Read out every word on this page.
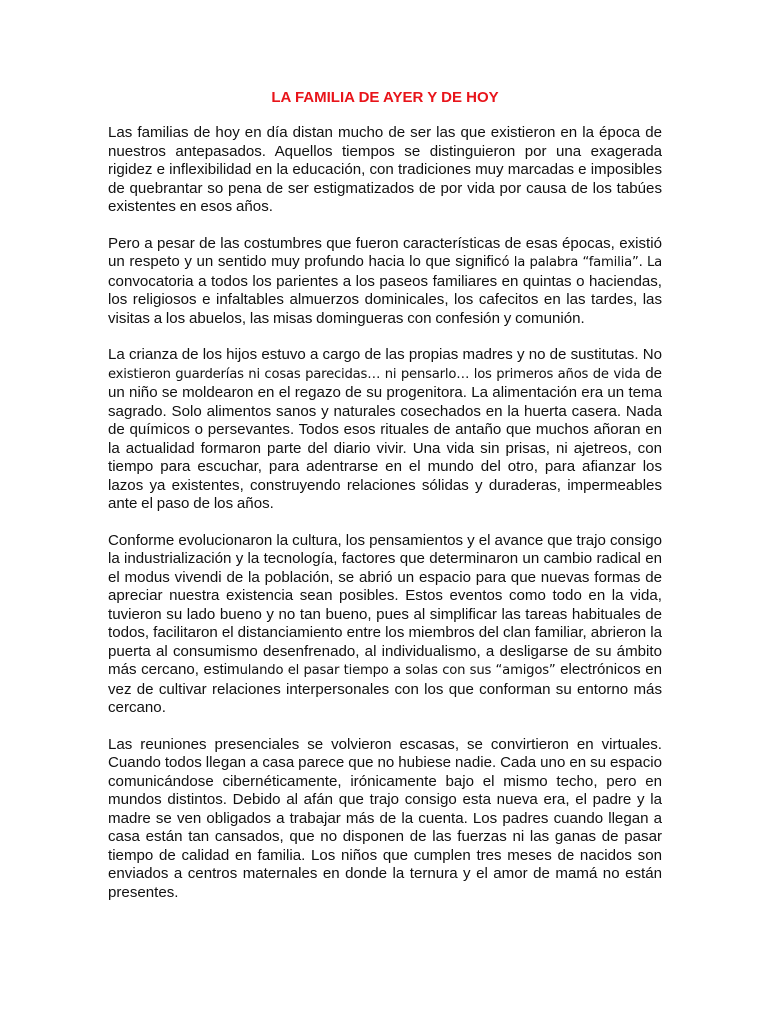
LA FAMILIA DE AYER Y DE HOY

Las familias de hoy en día distan mucho de ser las que existieron en la época de nuestros antepasados. Aquellos tiempos se distinguieron por una exagerada rigidez e inflexibilidad en la educación, con tradiciones muy marcadas e imposibles de quebrantar so pena de ser estigmatizados de por vida por causa de los tabúes existentes en esos años.

Pero a pesar de las costumbres que fueron características de esas épocas, existió un respeto y un sentido muy profundo hacia lo que significó la palabra “familia”. La convocatoria a todos los parientes a los paseos familiares en quintas o haciendas, los religiosos e infaltables almuerzos dominicales, los cafecitos en las tardes, las visitas a los abuelos, las misas domingueras con confesión y comunión.

La crianza de los hijos estuvo a cargo de las propias madres y no de sustitutas. No existieron guarderías ni cosas parecidas… ni pensarlo… los primeros años de vida de un niño se moldearon en el regazo de su progenitora. La alimentación era un tema sagrado. Solo alimentos sanos y naturales cosechados en la huerta casera. Nada de químicos o persevantes. Todos esos rituales de antaño que muchos añoran en la actualidad formaron parte del diario vivir. Una vida sin prisas, ni ajetreos, con tiempo para escuchar, para adentrarse en el mundo del otro, para afianzar los lazos ya existentes, construyendo relaciones sólidas y duraderas, impermeables ante el paso de los años.

Conforme evolucionaron la cultura, los pensamientos y el avance que trajo consigo la industrialización y la tecnología, factores que determinaron un cambio radical en el modus vivendi de la población, se abrió un espacio para que nuevas formas de apreciar nuestra existencia sean posibles. Estos eventos como todo en la vida, tuvieron su lado bueno y no tan bueno, pues al simplificar las tareas habituales de todos, facilitaron el distanciamiento entre los miembros del clan familiar, abrieron la puerta al consumismo desenfrenado, al individualismo, a desligarse de su ámbito más cercano, estimulando el pasar tiempo a solas con sus “amigos” electrónicos en vez de cultivar relaciones interpersonales con los que conforman su entorno más cercano.

Las reuniones presenciales se volvieron escasas, se convirtieron en virtuales. Cuando todos llegan a casa parece que no hubiese nadie. Cada uno en su espacio comunicándose cibernéticamente, irónicamente bajo el mismo techo, pero en mundos distintos. Debido al afán que trajo consigo esta nueva era, el padre y la madre se ven obligados a trabajar más de la cuenta. Los padres cuando llegan a casa están tan cansados, que no disponen de las fuerzas ni las ganas de pasar tiempo de calidad en familia. Los niños que cumplen tres meses de nacidos son enviados a centros maternales en donde la ternura y el amor de mamá no están presentes.
